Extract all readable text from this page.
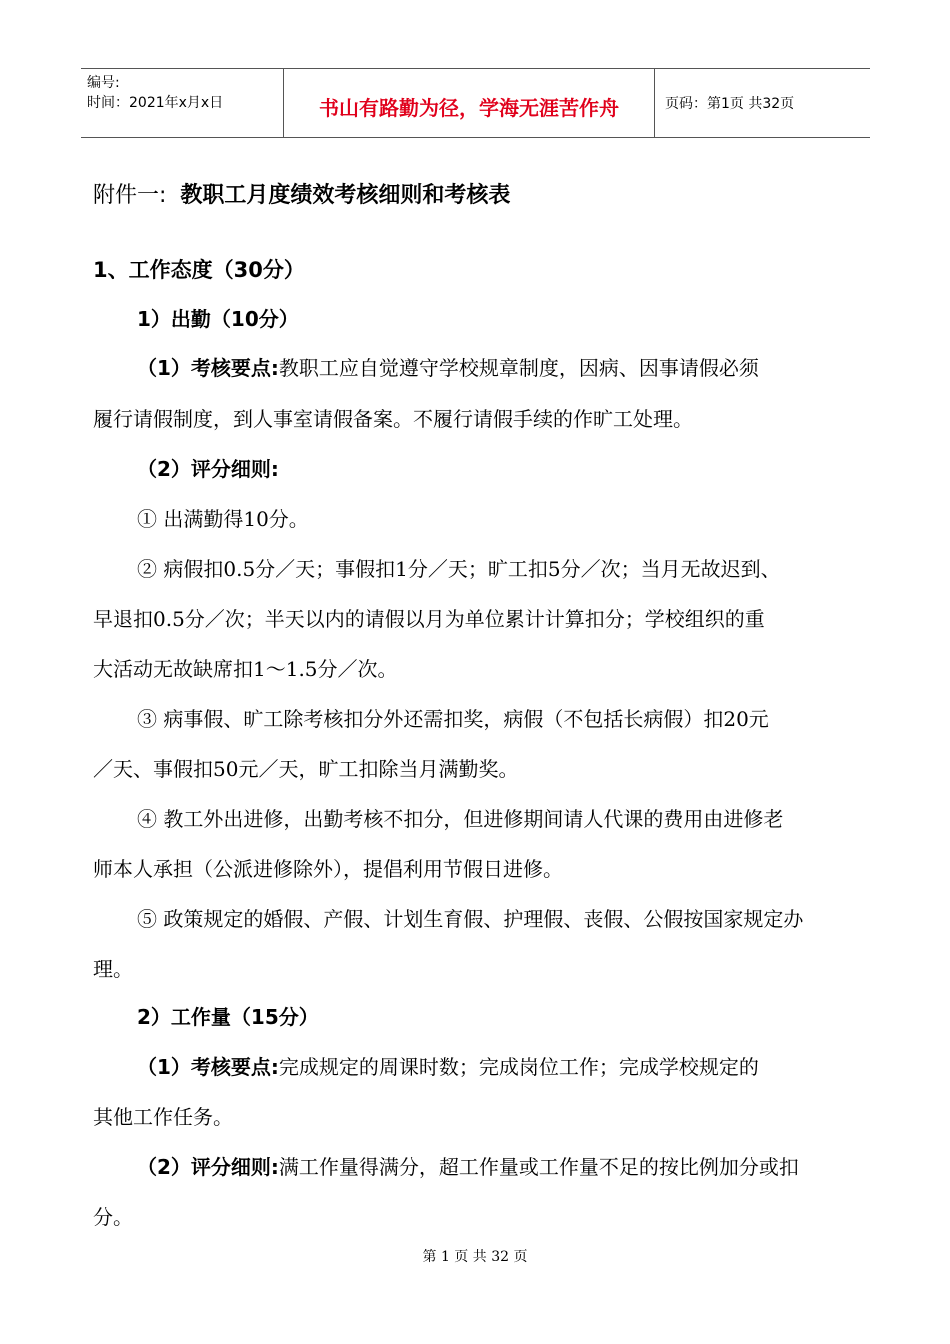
编号:
时间：2021年x月x日	书山有路勤为径，学海无涯苦作舟	页码：第1页 共32页
附件一: 教职工月度绩效考核细则和考核表
1、工作态度（30分）
1）出勤（10分）
（1）考核要点:教职工应自觉遵守学校规章制度，因病、因事请假必须
履行请假制度，到人事室请假备案。不履行请假手续的作旷工处理。
（2）评分细则:
① 出满勤得10分。
② 病假扣0.5分／天；事假扣1分／天；旷工扣5分／次；当月无故迟到、
早退扣0.5分／次；半天以内的请假以月为单位累计计算扣分；学校组织的重
大活动无故缺席扣1～1.5分／次。
③ 病事假、旷工除考核扣分外还需扣奖，病假（不包括长病假）扣20元
／天、事假扣50元／天，旷工扣除当月满勤奖。
④ 教工外出进修，出勤考核不扣分，但进修期间请人代课的费用由进修老
师本人承担（公派进修除外），提倡利用节假日进修。
⑤ 政策规定的婚假、产假、计划生育假、护理假、丧假、公假按国家规定办
理。
2）工作量（15分）
（1）考核要点:完成规定的周课时数；完成岗位工作；完成学校规定的
其他工作任务。
（2）评分细则:满工作量得满分，超工作量或工作量不足的按比例加分或扣
分。
第 1 页 共 32 页
